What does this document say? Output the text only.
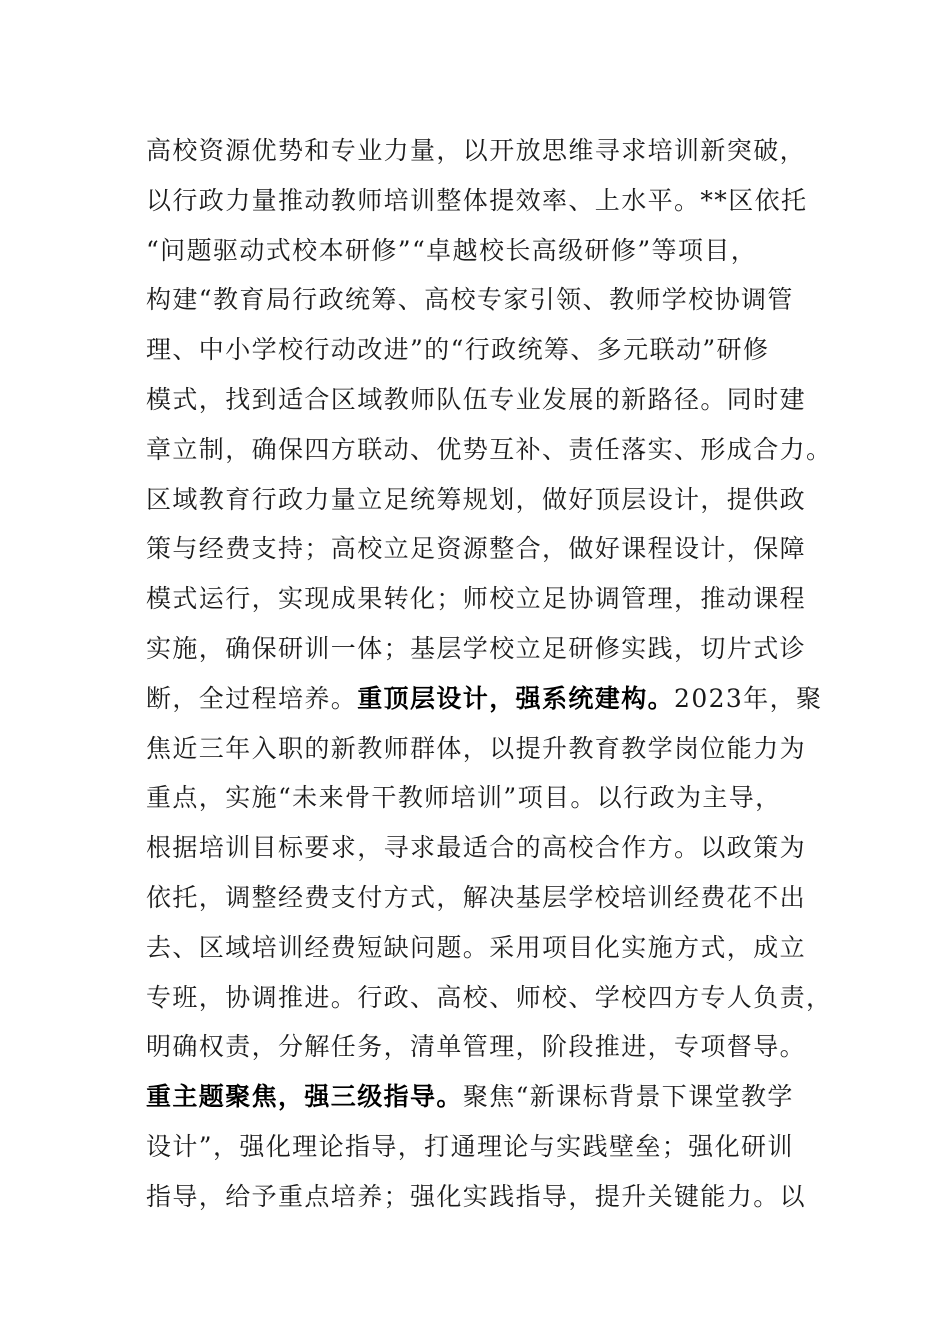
高校资源优势和专业力量，以开放思维寻求培训新突破，
以行政力量推动教师培训整体提效率、上水平。**区依托
“问题驱动式校本研修”“卓越校长高级研修”等项目，
构建“教育局行政统筹、高校专家引领、教师学校协调管
理、中小学校行动改进”的“行政统筹、多元联动”研修
模式，找到适合区域教师队伍专业发展的新路径。同时建
章立制，确保四方联动、优势互补、责任落实、形成合力。
区域教育行政力量立足统筹规划，做好顶层设计，提供政
策与经费支持；高校立足资源整合，做好课程设计，保障
模式运行，实现成果转化；师校立足协调管理，推动课程
实施，确保研训一体；基层学校立足研修实践，切片式诊
断，全过程培养。重顶层设计，强系统建构。2023年，聚
焦近三年入职的新教师群体，以提升教育教学岗位能力为
重点，实施“未来骨干教师培训”项目。以行政为主导，
根据培训目标要求，寻求最适合的高校合作方。以政策为
依托，调整经费支付方式，解决基层学校培训经费花不出
去、区域培训经费短缺问题。采用项目化实施方式，成立
专班，协调推进。行政、高校、师校、学校四方专人负责，
明确权责，分解任务，清单管理，阶段推进，专项督导。
重主题聚焦，强三级指导。聚焦“新课标背景下课堂教学
设计”，强化理论指导，打通理论与实践壁垒；强化研训
指导，给予重点培养；强化实践指导，提升关键能力。以
